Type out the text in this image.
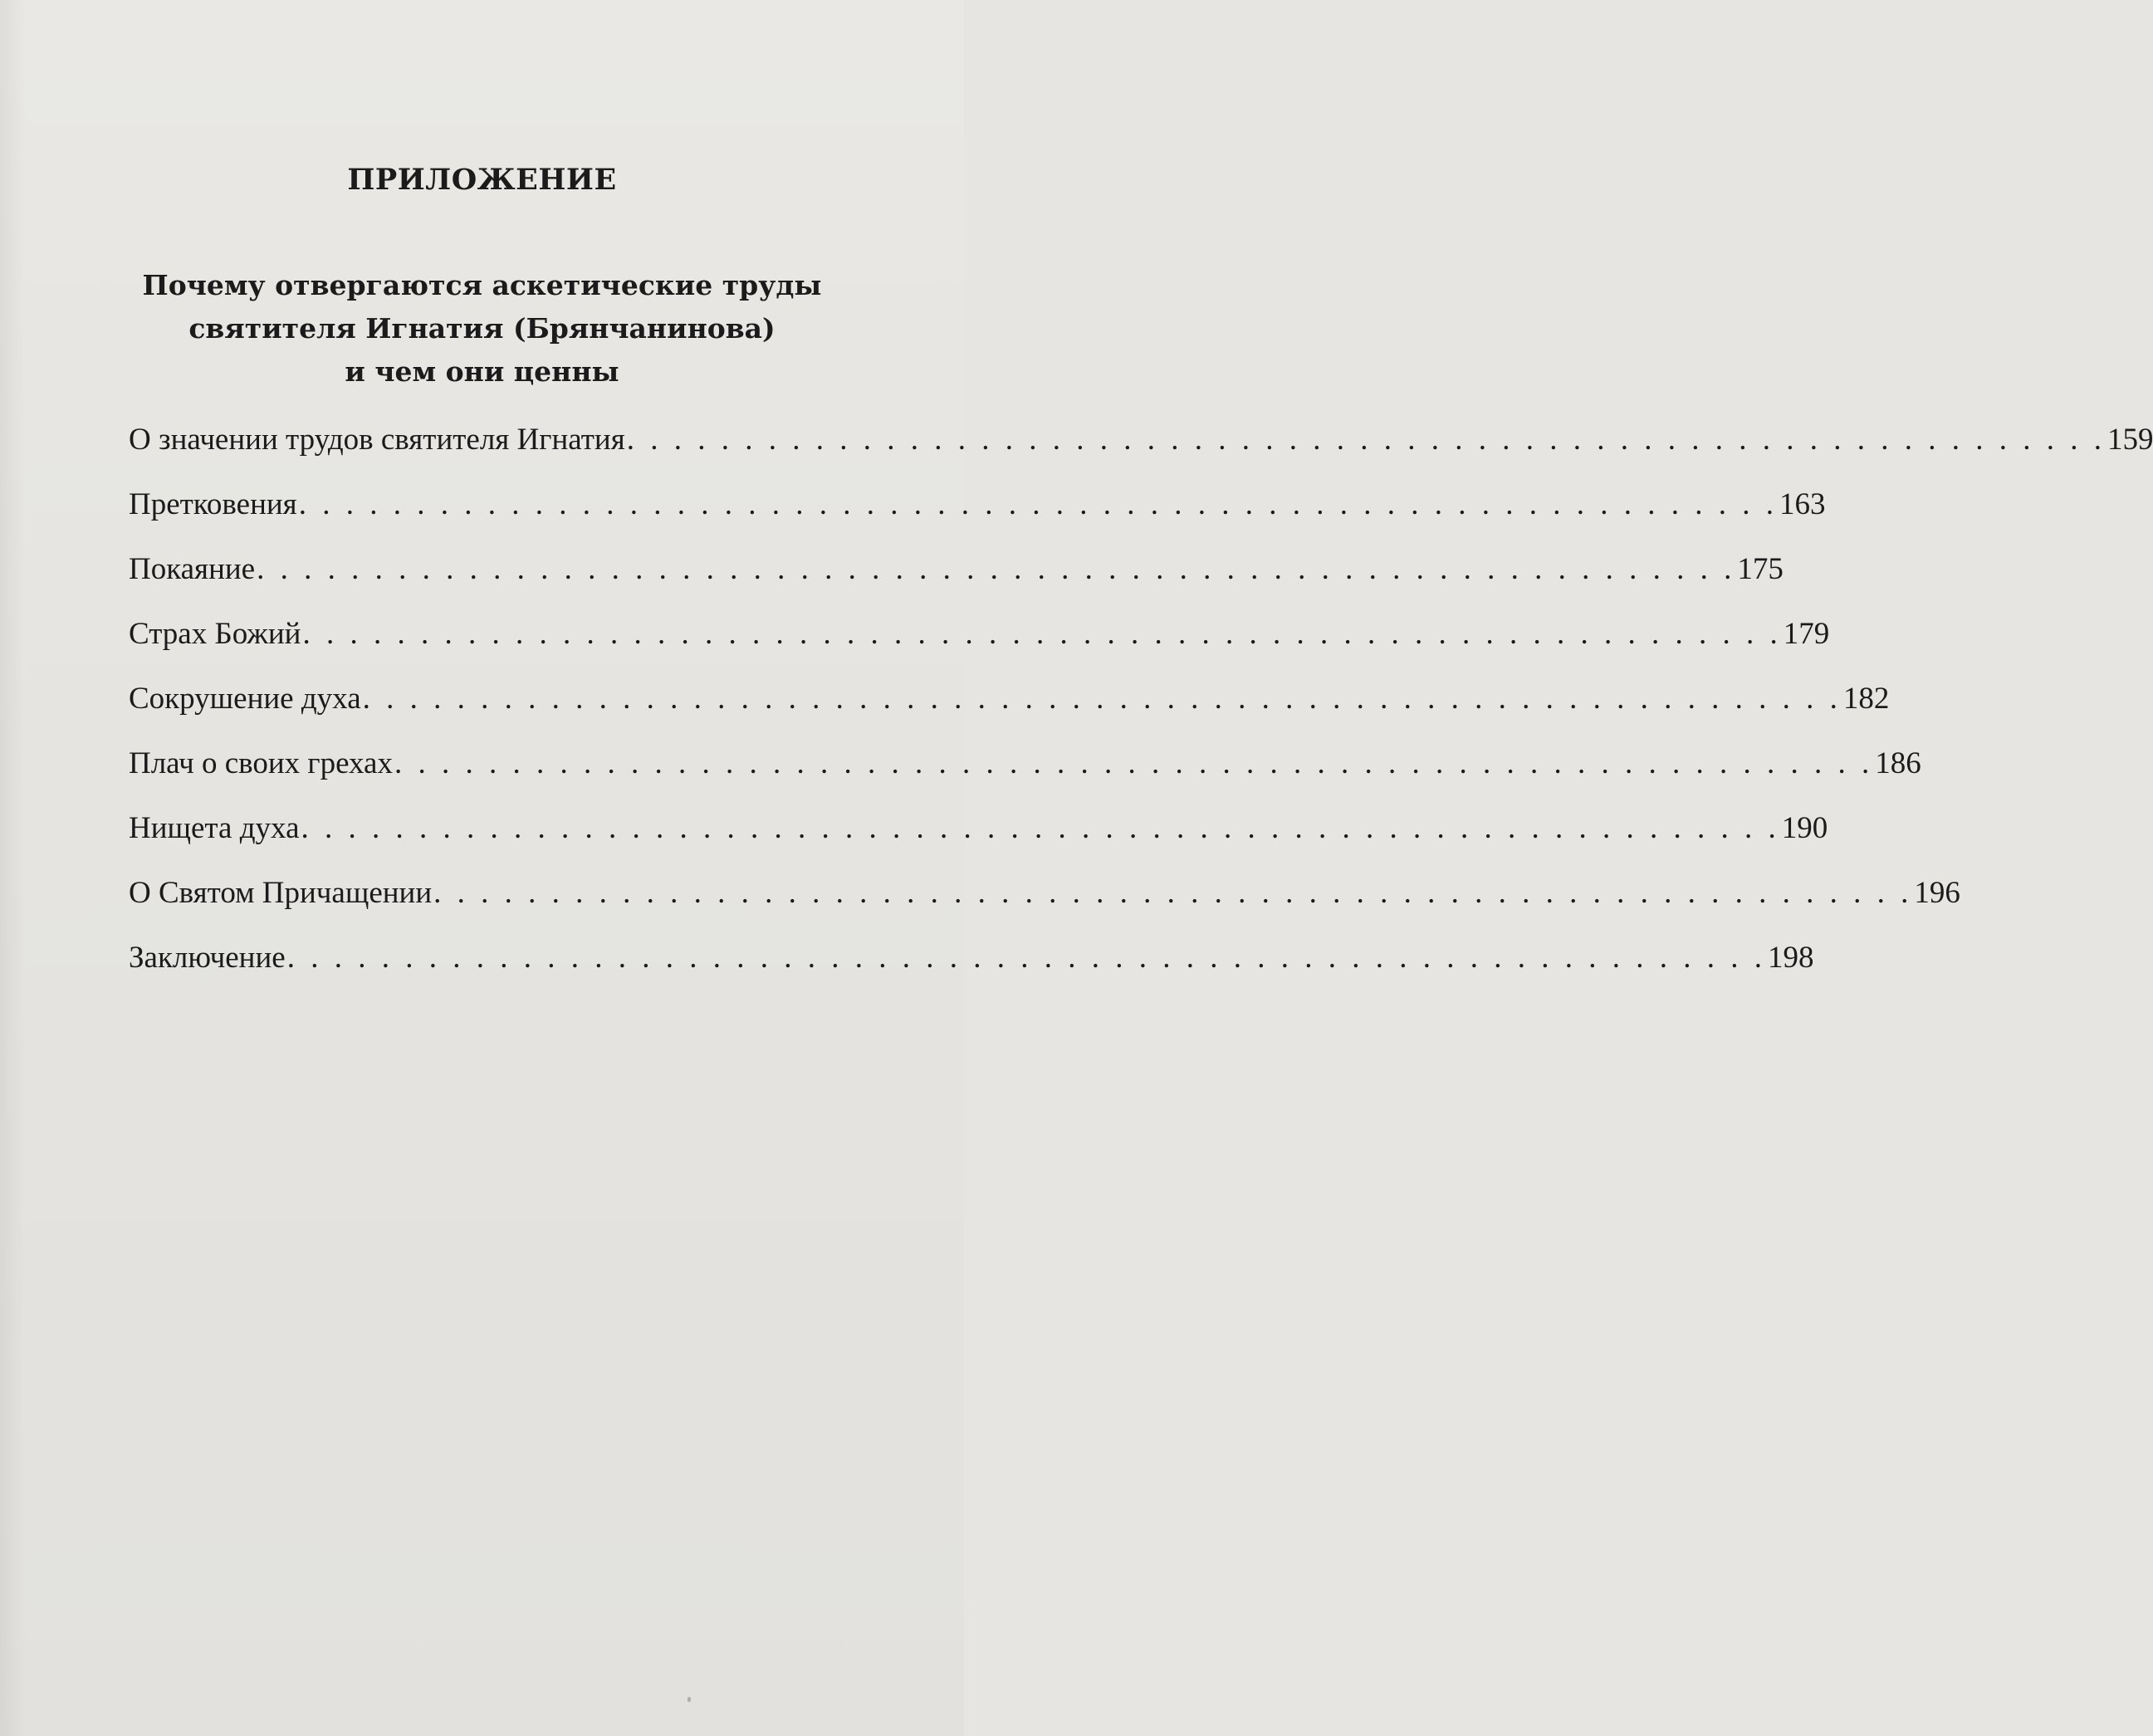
ПРИЛОЖЕНИЕ
Почему отвергаются аскетические труды
святителя Игнатия (Брянчанинова)
и чем они ценны
О значении трудов святителя Игнатия . . . . . . . . . . . . . . . . . . . . . . . . . . . . . . . . . . . . . . . . . . . . . . . . . . . . . . . . . . . . . . . 159
Претковения . . . . . . . . . . . . . . . . . . . . . . . . . . . . . . . . . . . . . . . . . . . . . . . . . . . . . . . . . . . . . . . 163
Покаяние . . . . . . . . . . . . . . . . . . . . . . . . . . . . . . . . . . . . . . . . . . . . . . . . . . . . . . . . . . . . . . . 175
Страх Божий . . . . . . . . . . . . . . . . . . . . . . . . . . . . . . . . . . . . . . . . . . . . . . . . . . . . . . . . . . . . . . . 179
Сокрушение духа . . . . . . . . . . . . . . . . . . . . . . . . . . . . . . . . . . . . . . . . . . . . . . . . . . . . . . . . . . . . . . . 182
Плач о своих грехах . . . . . . . . . . . . . . . . . . . . . . . . . . . . . . . . . . . . . . . . . . . . . . . . . . . . . . . . . . . . . . . 186
Нищета духа . . . . . . . . . . . . . . . . . . . . . . . . . . . . . . . . . . . . . . . . . . . . . . . . . . . . . . . . . . . . . . . 190
О Святом Причащении . . . . . . . . . . . . . . . . . . . . . . . . . . . . . . . . . . . . . . . . . . . . . . . . . . . . . . . . . . . . . . . 196
Заключение . . . . . . . . . . . . . . . . . . . . . . . . . . . . . . . . . . . . . . . . . . . . . . . . . . . . . . . . . . . . . . . 198
